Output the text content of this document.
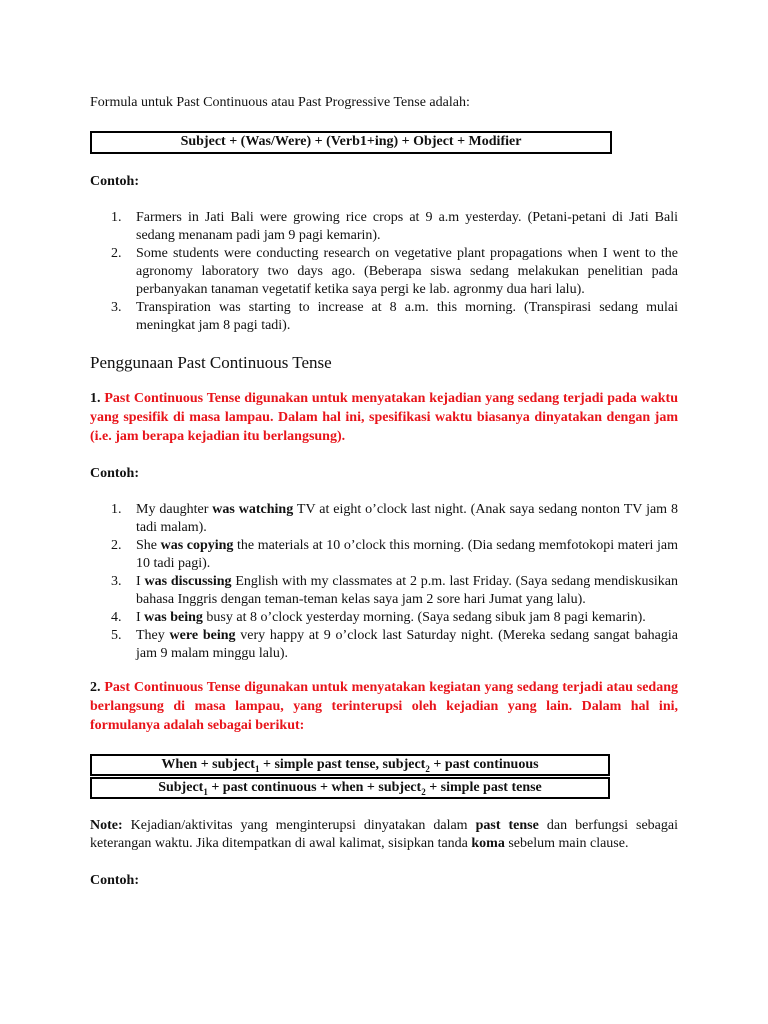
Formula untuk Past Continuous atau Past Progressive Tense adalah:

Subject + (Was/Were) + (Verb1+ing) + Object + Modifier

Contoh:

1. Farmers in Jati Bali were growing rice crops at 9 a.m yesterday. (Petani-petani di Jati Bali sedang menanam padi jam 9 pagi kemarin).
2. Some students were conducting research on vegetative plant propagations when I went to the agronomy laboratory two days ago. (Beberapa siswa sedang melakukan penelitian pada perbanyakan tanaman vegetatif ketika saya pergi ke lab. agronmy dua hari lalu).
3. Transpiration was starting to increase at 8 a.m. this morning. (Transpirasi sedang mulai meningkat jam 8 pagi tadi).

Penggunaan Past Continuous Tense

1. Past Continuous Tense digunakan untuk menyatakan kejadian yang sedang terjadi pada waktu yang spesifik di masa lampau. Dalam hal ini, spesifikasi waktu biasanya dinyatakan dengan jam (i.e. jam berapa kejadian itu berlangsung).

Contoh:

1. My daughter was watching TV at eight o’clock last night. (Anak saya sedang nonton TV jam 8 tadi malam).
2. She was copying the materials at 10 o’clock this morning. (Dia sedang memfotokopi materi jam 10 tadi pagi).
3. I was discussing English with my classmates at 2 p.m. last Friday. (Saya sedang mendiskusikan bahasa Inggris dengan teman-teman kelas saya jam 2 sore hari Jumat yang lalu).
4. I was being busy at 8 o’clock yesterday morning. (Saya sedang sibuk jam 8 pagi kemarin).
5. They were being very happy at 9 o’clock last Saturday night. (Mereka sedang sangat bahagia jam 9 malam minggu lalu).

2. Past Continuous Tense digunakan untuk menyatakan kegiatan yang sedang terjadi atau sedang berlangsung di masa lampau, yang terinterupsi oleh kejadian yang lain. Dalam hal ini, formulanya adalah sebagai berikut:

When + subject$_1$ + simple past tense, subject$_2$ + past continuous
Subject$_1$ + past continuous + when + subject$_2$ + simple past tense

Note: Kejadian/aktivitas yang menginterupsi dinyatakan dalam past tense dan berfungsi sebagai keterangan waktu. Jika ditempatkan di awal kalimat, sisipkan tanda koma sebelum main clause.

Contoh:
